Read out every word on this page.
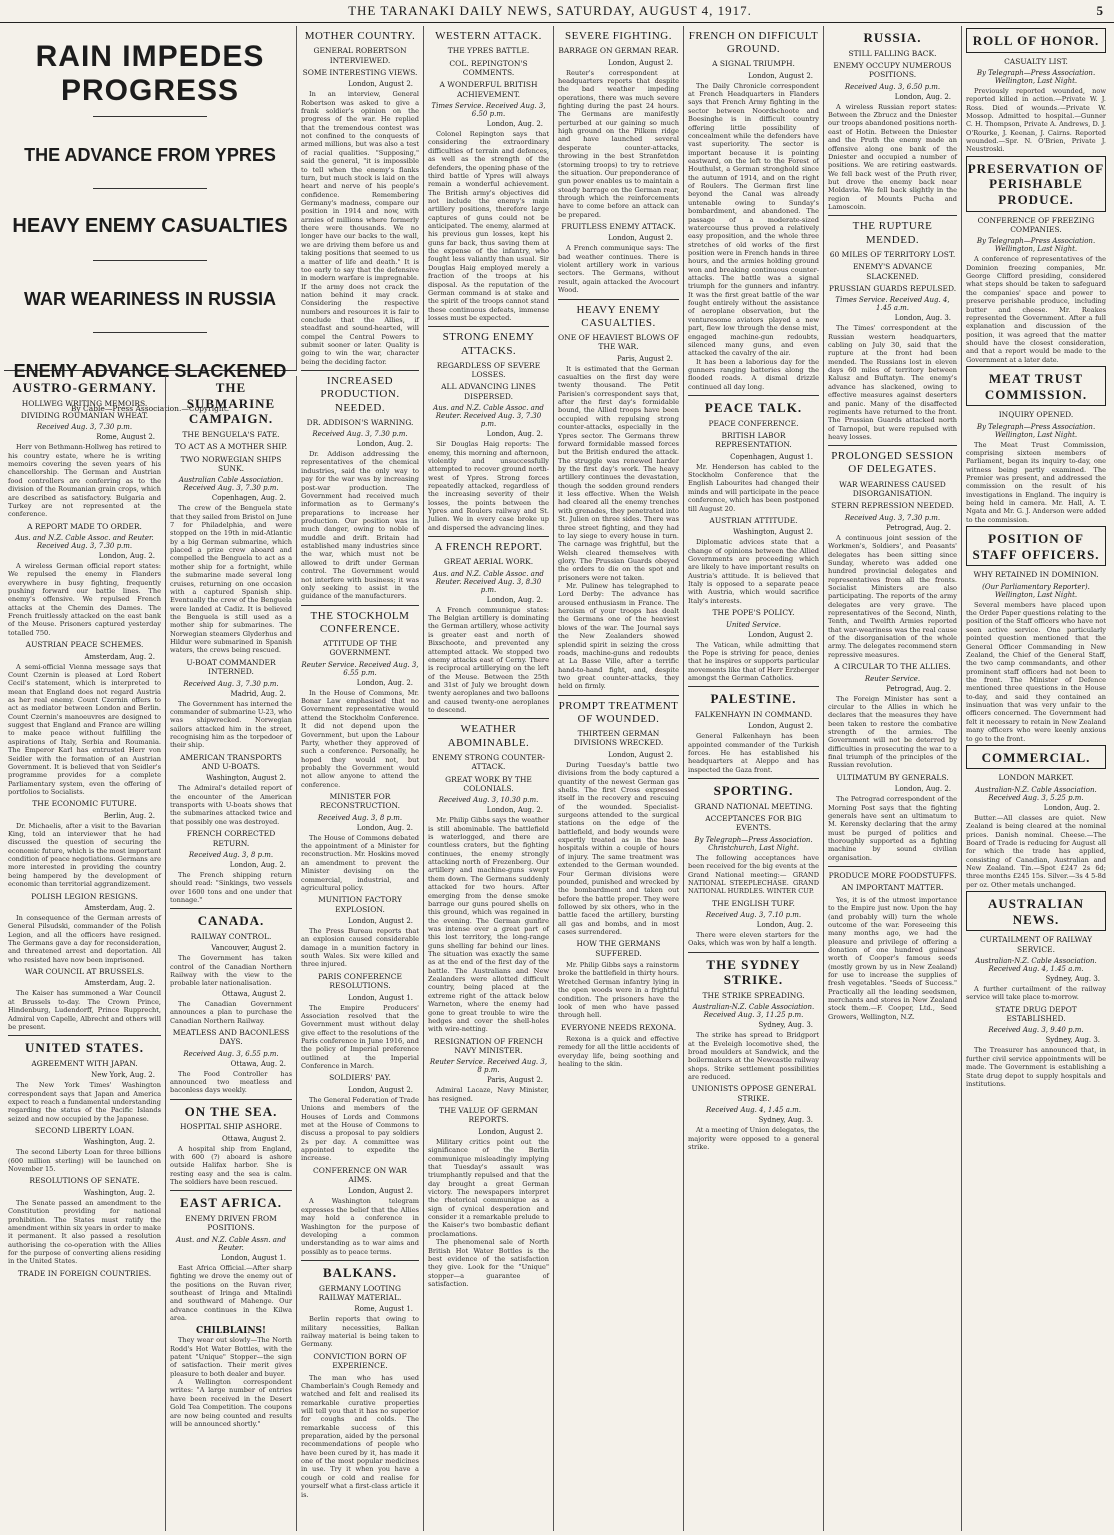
THE TARANAKI DAILY NEWS, SATURDAY, AUGUST 4, 1917.	5
RAIN IMPEDES PROGRESS
THE ADVANCE FROM YPRES
HEAVY ENEMY CASUALTIES
WAR WEARINESS IN RUSSIA
ENEMY ADVANCE SLACKENED
By Cable—Press Association.—Copyright.
AUSTRO-GERMANY.
HOLLWEG WRITING MEMOIRS.
DIVIDING ROUMANIAN WHEAT.
Received Aug. 3, 7.30 p.m.
Rome, August 2.

Herr von Bethmann-Hollweg has retired to his country estate, where he is writing memoirs covering the seven years of his chancellorship. The German and Austrian food controllers are conferring as to the division of the Roumanian grain crops, which are described as satisfactory. Bulgaria and Turkey are not represented at the conference.

A REPORT MADE TO ORDER.
Aus. and N.Z. Cable Assoc. and Reuter. Received Aug. 3, 7.30 p.m.
London, Aug. 2.

A wireless German official report states: We repulsed the enemy in Flanders everywhere in busy fighting, frequently pushing forward our battle lines. The enemy's offensive. We repulsed French attacks at the Chemin des Dames. The French fruitlessly attacked on the east bank of the Meuse. Prisoners captured yesterday totalled 750.

AUSTRIAN PEACE SCHEMES.
Amsterdam, Aug. 2.

A semi-official Vienna message says that Count Czernin is pleased at Lord Robert Cecil's statement, which is interpreted to mean that England does not regard Austria as her real enemy. Count Czernin offers to act as mediator between London and Berlin. Count Czernin's manoeuvres are designed to suggest that England and France are willing to make peace without fulfilling the aspirations of Italy, Serbia and Roumania. The Emperor Karl has entrusted Herr von Seidler with the formation of an Austrian Government. It is believed that von Seidler's programme provides for a complete Parliamentary system, even the offering of portfolios to Socialists.

THE ECONOMIC FUTURE.
Berlin, Aug. 2.

Dr. Michaelis, after a visit to the Bavarian King, told an interviewer that he had discussed the question of securing the economic future, which is the most important condition of peace negotiations. Germans are more interested in providing the country being hampered by the development of economic than territorial aggrandizement.

POLISH LEGION RESIGNS.
Amsterdam, Aug. 2.

In consequence of the German arrests of General Pilsudski, commander of the Polish Legion, and all the officers have resigned. The Germans gave a day for reconsideration, and threatened arrest and deportation. All who resisted have now been imprisoned.

WAR COUNCIL AT BRUSSELS.
Amsterdam, Aug. 2.

The Kaiser has summoned a War Council at Brussels to-day. The Crown Prince, Hindenburg, Ludendorff, Prince Rupprecht, Admiral von Capelle, Albrecht and others will be present.

UNITED STATES.
AGREEMENT WITH JAPAN.
New York, Aug. 2.

The New York Times' Washington correspondent says that Japan and America expect to reach a fundamental understanding regarding the status of the Pacific Islands seized and now occupied by the Japanese.

SECOND LIBERTY LOAN.
Washington, Aug. 2.

The second Liberty Loan for three billions (600 million sterling) will be launched on November 15.

RESOLUTIONS OF SENATE.
Washington, Aug. 2.

The Senate passed an amendment to the Constitution providing for national prohibition. The States must ratify the amendment within six years in order to make it permanent. It also passed a resolution authorising the co-operation with the Allies for the purpose of converting aliens residing in the United States.

TRADE IN FOREIGN COUNTRIES.
THE SUBMARINE CAMPAIGN.
THE BENGUELA'S FATE.
TO ACT AS A MOTHER SHIP.
TWO NORWEGIAN SHIPS SUNK.
Australian Cable Association. Received Aug. 3, 7.30 p.m.
Copenhagen, Aug. 2.

The crew of the Benguela state that they sailed from Bristol on June 7 for Philadelphia, and were stopped on the 19th in mid-Atlantic by a big German submarine, which placed a prize crew aboard and compelled the Benguela to act as a mother ship for a fortnight, while the submarine made several long cruises, returning on one occasion with a captured Spanish ship. Eventually the crew of the Benguela were landed at Cadiz. It is believed the Benguela is still used as a mother ship for submarines. The Norwegian steamers Glyderhus and Hildur were submarined in Spanish waters, the crews being rescued.

U-BOAT COMMANDER INTERNED.
Received Aug. 3, 7.30 p.m.
Madrid, Aug. 2.

The Government has interned the commander of submarine U-23, who was shipwrecked. Norwegian sailors attacked him in the street, recognising him as the torpedoer of their ship.

AMERICAN TRANSPORTS AND U-BOATS.
Washington, August 2.

The Admiral's detailed report of the encounter of the American transports with U-boats shows that the submarines attacked twice and that possibly one was destroyed.

FRENCH CORRECTED RETURN.
Received Aug. 3, 8 p.m.
London, Aug. 2.

The French shipping return should read: "Sinkings, two vessels over 1600 tons and one under that tonnage."

CANADA.
RAILWAY CONTROL.
Vancouver, August 2.

The Government has taken control of the Canadian Northern Railway with the view to the probable later nationalisation.

Ottawa, August 2.

The Canadian Government announces a plan to purchase the Canadian Northern Railway.

MEATLESS AND BACONLESS DAYS.
Received Aug. 3, 6.55 p.m.
Ottawa, Aug. 2.

The Food Controller has announced two meatless and baconless days weekly.

ON THE SEA.
HOSPITAL SHIP ASHORE.
Ottawa, August 2.

A hospital ship from England, with 600 (?) aboard is ashore outside Halifax harbor. She is resting easy and the sea is calm. The soldiers have been rescued.

EAST AFRICA.
ENEMY DRIVEN FROM POSITIONS.
Aust. and N.Z. Cable Assn. and Reuter.
London, August 1.

East Africa Official.—After sharp fighting we drove the enemy out of the positions on the Ruvan river, southeast of Iringa and Mtalindi and southward of Mahenge. Our advance continues in the Kilwa area.

CHILBLAINS!

They wear out slowly—The North Rodd's Hot Water Bottles, with the patent "Unique" Stopper—the sign of satisfaction. Their merit gives pleasure to both dealer and buyer.

A Wellington correspondent writes: "A large number of entries have been received in the Desert Gold Tea Competition. The coupons are now being counted and results will be announced shortly."

MOTHER COUNTRY.
GENERAL ROBERTSON INTERVIEWED.
SOME INTERESTING VIEWS.
London, August 2.

In an interview, General Robertson was asked to give a frank soldier's opinion on the progress of the war. He replied that the tremendous contest was not confined to the conquests of armed millions, but was also a test of racial qualities. "Supposing," said the general, "it is impossible to tell when the enemy's flanks turn, but much stock is laid on the heart and nerve of his people's confidence. Remembering Germany's madness, compare our position in 1914 and now, with armies of millions where formerly there were thousands. We no longer have our backs to the wall, we are driving them before us and taking positions that seemed to us a matter of life and death." It is too early to say that the defensive in modern warfare is impregnable. If the army does not crack the nation behind it may crack. Considering the respective numbers and resources it is fair to conclude that the Allies, if steadfast and sound-hearted, will compel the Central Powers to submit sooner or later. Quality is going to win the war, character being the deciding factor.

INCREASED PRODUCTION. NEEDED.
DR. ADDISON'S WARNING.
Received Aug. 3, 7.30 p.m.
London, Aug. 2.

Dr. Addison addressing the representatives of the chemical industries, said the only way to pay for the war was by increasing post-war production. The Government had received much information as to Germany's preparations to increase her production. Our position was in much danger, owing to noble of muddle and drift. Britain had established many industries since the war, which must not be allowed to drift under German control. The Government would not interfere with business; it was only seeking to assist in the guidance of the manufacturers.

THE STOCKHOLM CONFERENCE.
ATTITUDE OF THE GOVERNMENT.
Reuter Service. Received Aug. 3, 6.55 p.m.
London, Aug. 2.

In the House of Commons, Mr. Bonar Law emphasised that no Government representative would attend the Stockholm Conference. It did not depend upon the Government, but upon the Labour Party, whether they approved of such a conference. Personally, he hoped they would not, but probably the Government would not allow anyone to attend the conference.

MINISTER FOR RECONSTRUCTION.
Received Aug. 3, 8 p.m.
London, Aug. 2.

The House of Commons debated the appointment of a Minister for reconstruction. Mr. Hoskins moved an amendment to prevent the Minister devising on the commercial, industrial, and agricultural policy.

MUNITION FACTORY EXPLOSION.
London, August 2.

The Press Bureau reports that an explosion caused considerable damage in a munition factory in south Wales. Six were killed and three injured.

PARIS CONFERENCE RESOLUTIONS.
London, August 1.

The Empire Producers' Association resolved that the Government must without delay give effect to the resolutions of the Paris conference in June 1916, and the policy of Imperial preference outlined at the Imperial Conference in March.

SOLDIERS' PAY.
London, August 2.

The General Federation of Trade Unions and members of the Houses of Lords and Commons met at the House of Commons to discuss a proposal to pay soldiers 2s per day. A committee was appointed to expedite the increase.

CONFERENCE ON WAR AIMS.
London, August 2.

A Washington telegram expresses the belief that the Allies may hold a conference in Washington for the purpose of developing a common understanding as to war aims and possibly as to peace terms.

BALKANS.
GERMANY LOOTING RAILWAY MATERIAL.
Rome, August 1.

Berlin reports that owing to military necessities, Balkan railway material is being taken to Germany.

CONVICTION BORN OF EXPERIENCE.

The man who has used Chamberlain's Cough Remedy and watched and felt and realised its remarkable curative properties will tell you that it has no superior for coughs and colds. The remarkable success of this preparation, aided by the personal recommendations of people who have been cured by it, has made it one of the most popular medicines in use. Try it when you have a cough or cold and realise for yourself what a first-class article it is.

WESTERN ATTACK.
THE YPRES BATTLE.
COL. REPINGTON'S COMMENTS.
A WONDERFUL BRITISH ACHIEVEMENT.
Times Service. Received Aug. 3, 6.50 p.m.
London, Aug. 2.

Colonel Repington says that considering the extraordinary difficulties of terrain and defences, as well as the strength of the defenders, the opening phase of the third battle of Ypres will always remain a wonderful achievement. The British army's objectives did not include the enemy's main artillery positions, therefore large captures of guns could not be anticipated. The enemy, alarmed at his previous gun losses, kept his guns far back, thus saving them at the expense of the infantry, who fought less valiantly than usual. Sir Douglas Haig employed merely a fraction of the troops at his disposal. As the reputation of the German command is at stake and the spirit of the troops cannot stand these continuous defeats, immense losses must be expected.

STRONG ENEMY ATTACKS.
REGARDLESS OF SEVERE LOSSES.
ALL ADVANCING LINES DISPERSED.
Aus. and N.Z. Cable Assoc. and Reuter. Received Aug. 3, 7.30 p.m.
London, Aug. 2.

Sir Douglas Haig reports: The enemy, this morning and afternoon, violently and unsuccessfully attempted to recover ground north-west of Ypres. Strong forces repeatedly attacked, regardless of the increasing severity of their losses, the points between the Ypres and Roulers railway and St. Julien. We in every case broke up and dispersed the advancing lines.

A FRENCH REPORT.
GREAT AERIAL WORK.
Aus. and N.Z. Cable Assoc. and Reuter. Received Aug. 3, 8.30 p.m.
London, Aug. 2.

A French communique states: The Belgian artillery is dominating the German artillery, whose activity is greater east and north of Bixschoote, and prevented any attempted attack. We stopped two enemy attacks east of Cerny. There is reciprocal artillerying on the left of the Meuse. Between the 25th and 31st of July we brought down twenty aeroplanes and two balloons and caused twenty-one aeroplanes to descend.

WEATHER ABOMINABLE.
ENEMY STRONG COUNTER-ATTACK.
GREAT WORK BY THE COLONIALS.
Received Aug. 3, 10.30 p.m.
London, Aug. 2.

Mr. Philip Gibbs says the weather is still abominable. The battlefield is waterlogged, and there are countless craters, but the fighting continues, the enemy strongly attacking north of Frezenberg. Our artillery and machine-guns swept them down. The Germans suddenly attacked for two hours. After emerging from the dense smoke barrage our guns poured shells on this ground, which was regained in the evening. The German gunfire was intense over a great part of this lost territory, the long-range guns shelling far behind our lines. The situation was exactly the same as at the end of the first day of the battle. The Australians and New Zealanders were allotted difficult country, being placed at the extreme right of the attack below Warneton, where the enemy had gone to great trouble to wire the hedges and cover the shell-holes with wire-netting.

RESIGNATION OF FRENCH NAVY MINISTER.
Reuter Service. Received Aug. 3, 8 p.m.
Paris, August 2.

Admiral Lacaze, Navy Minister, has resigned.

THE VALUE OF GERMAN REPORTS.
London, August 2.

Military critics point out the significance of the Berlin communique misleadingly implying that Tuesday's assault was triumphantly repulsed and that the day brought a great German victory. The newspapers interpret the rhetorical communique as a sign of cynical desperation and consider it a remarkable prelude to the Kaiser's two bombastic defiant proclamations.

The phenomenal sale of North British Hot Water Bottles is the best evidence of the satisfaction they give. Look for the "Unique" stopper—a guarantee of satisfaction.

SEVERE FIGHTING.
BARRAGE ON GERMAN REAR.
London, August 2.

Reuter's correspondent at headquarters reports that despite the bad weather impeding operations, there was much severe fighting during the past 24 hours. The Germans are manifestly perturbed at our gaining so much high ground on the Pilkem ridge and have launched several desperate counter-attacks, throwing in the best Stranfetdon (storming troops) to try to retrieve the situation. Our preponderance of gun power enables us to maintain a steady barrage on the German rear, through which the reinforcements have to come before an attack can be prepared.

FRUITLESS ENEMY ATTACK.
London, August 2.

A French communique says: The bad weather continues. There is violent artillery work in various sectors. The Germans, without result, again attacked the Avocourt Wood.

HEAVY ENEMY CASUALTIES.
ONE OF HEAVIEST BLOWS OF THE WAR.
Paris, August 2.

It is estimated that the German casualties on the first day were twenty thousand. The Petit Parisien's correspondent says that, after the first day's formidable bound, the Allied troops have been occupied with repulsing strong counter-attacks, especially in the Ypres sector. The Germans threw forward formidable massed forces but the British endured the attack. The struggle was renewed harder by the first day's work. The heavy artillery continues the devastation, though the sodden ground renders it less effective. When the Welsh had cleared all the enemy trenches with grenades, they penetrated into St. Julien on three sides. There was three street fighting, and they had to lay siege to every house in turn. The carnage was frightful, but the Welsh cleared themselves with glory. The Prussian Guards obeyed the orders to die on the spot and prisoners were not taken.

Mr. Pulinew has telegraphed to Lord Derby: The advance has aroused enthusiasm in France. The heroism of your troops has dealt the Germans one of the heaviest blows of the war. The Journal says the New Zealanders showed splendid spirit in seizing the cross roads, machine-guns and redoubts at La Basse Ville, after a terrific hand-to-hand fight, and, despite two great counter-attacks, they held on firmly.

PROMPT TREATMENT OF WOUNDED.
THIRTEEN GERMAN DIVISIONS WRECKED.
London, August 2.

During Tuesday's battle two divisions from the body captured a quantity of the newest German gas shells. The first Cross expressed itself in the recovery and rescuing of the wounded. Specialist-surgeons attended to the surgical stations on the edge of the battlefield, and body wounds were expertly treated as in the base hospitals within a couple of hours of injury. The same treatment was extended to the German wounded. Four German divisions were pounded, punished and wrecked by the bombardment and taken out before the battle proper. They were followed by six others, who in the battle faced the artillery, bursting all gas and bombs, and in most cases surrendered.

HOW THE GERMANS SUFFERED.

Mr. Philip Gibbs says a rainstorm broke the battlefield in thirty hours. Wretched German infantry lying in the open woods were in a frightful condition. The prisoners have the look of men who have passed through hell.

EVERYONE NEEDS REXONA.

Rexona is a quick and effective remedy for all the little accidents of everyday life, being soothing and healing to the skin.

FRENCH ON DIFFICULT GROUND.
A SIGNAL TRIUMPH.
London, August 2.

The Daily Chronicle correspondent at French Headquarters in Flanders says that French Army fighting in the sector between Noordschoote and Boesinghe is in difficult country offering little possibility of concealment while the defenders have vast superiority. The sector is important because it is pointing eastward, on the left to the Forest of Houthulst, a German stronghold since the autumn of 1914, and on the right of Roulers. The German first line beyond the Canal was already untenable owing to Sunday's bombardment, and abandoned. The passage of a moderate-sized watercourse thus proved a relatively easy proposition, and the whole three stretches of old works of the first position were in French hands in three hours, and the armies holding ground won and breaking continuous counter-attacks. The battle was a signal triumph for the gunners and infantry. It was the first great battle of the war fought entirely without the assistance of aeroplane observation, but the venturesome aviators played a new part, flew low through the dense mist, engaged machine-gun redoubts, silenced many guns, and even attacked the cavalry of the air.

It has been a laborious day for the gunners ranging batteries along the flooded roads. A dismal drizzle continued all day long.

PEACE TALK.
PEACE CONFERENCE.
BRITISH LABOR REPRESENTATION.
Copenhagen, August 1.

Mr. Henderson has cabled to the Stockholm Conference that the English Labourites had changed their minds and will participate in the peace conference, which has been postponed till August 20.

AUSTRIAN ATTITUDE.
Washington, August 2.

Diplomatic advices state that a change of opinions between the Allied Governments are proceeding which are likely to have important results on Austria's attitude. It is believed that Italy is opposed to a separate peace with Austria, which would sacrifice Italy's interests.

THE POPE'S POLICY.
United Service.
London, August 2.

The Vatican, while admitting that the Pope is striving for peace, denies that he inspires or supports particular movements like that of Herr Erzberger amongst the German Catholics.

PALESTINE.
FALKENHAYN IN COMMAND.
London, August 2.

General Falkenhayn has been appointed commander of the Turkish forces. He has established his headquarters at Aleppo and has inspected the Gaza front.

SPORTING.
GRAND NATIONAL MEETING.
ACCEPTANCES FOR BIG EVENTS.
By Telegraph—Press Association. Christchurch, Last Night.

The following acceptances have been received for the big events at the Grand National meeting:— GRAND NATIONAL STEEPLECHASE. GRAND NATIONAL HURDLES. WINTER CUP.

THE ENGLISH TURF.
Received Aug. 3, 7.10 p.m.
London, Aug. 2.

There were eleven starters for the Oaks, which was won by half a length.

THE SYDNEY STRIKE.
THE STRIKE SPREADING.
Australian-N.Z. Cable Association. Received Aug. 3, 11.25 p.m.
Sydney, Aug. 3.

The strike has spread to Bridgport at the Eveleigh locomotive shed, the broad moulders at Sandwick, and the boilermakers at the Newcastle railway shops. Strike settlement possibilities are reduced.

UNIONISTS OPPOSE GENERAL STRIKE.
Received Aug. 4, 1.45 a.m.
Sydney, Aug. 3.

At a meeting of Union delegates, the majority were opposed to a general strike.

RUSSIA.
STILL FALLING BACK.
ENEMY OCCUPY NUMEROUS POSITIONS.
Received Aug. 3, 6.50 p.m.
London, Aug. 2.

A wireless Russian report states: Between the Zbrucz and the Dniester our troops abandoned positions north-east of Hotin. Between the Dniester and the Pruth the enemy made an offensive along one bank of the Dniester and occupied a number of positions. We are retiring eastwards. We fell back west of the Pruth river, but drove the enemy back near Moldavia. We fell back slightly in the region of Mounts Pucha and Lamoscoin.

THE RUPTURE MENDED.
60 MILES OF TERRITORY LOST.
ENEMY'S ADVANCE SLACKENED.
PRUSSIAN GUARDS REPULSED.
Times Service. Received Aug. 4, 1.45 a.m.
London, Aug. 3.

The Times' correspondent at the Russian western headquarters, cabling on July 30, said that the rupture at the front had been mended. The Russians lost in eleven days 60 miles of territory between Kalusz and Buftatyn. The enemy's advance has slackened, owing to effective measures against deserters and panic. Many of the disaffected regiments have returned to the front. The Prussian Guards attacked north of Tarnopol, but were repulsed with heavy losses.

PROLONGED SESSION OF DELEGATES.
WAR WEARINESS CAUSED DISORGANISATION.
STERN REPRESSION NEEDED.
Received Aug. 3, 7.30 p.m.
Petrograd, Aug. 2.

A continuous joint session of the Workmen's, Soldiers', and Peasants' delegates has been sitting since Sunday, whereto was added one hundred provincial delegates and representatives from all the fronts. Socialist Ministers are also participating. The reports of the army delegates are very grave. The representatives of the Second, Ninth, Tenth, and Twelfth Armies reported that war-weariness was the real cause of the disorganisation of the whole army. The delegates recommend stern repressive measures.

A CIRCULAR TO THE ALLIES.
Reuter Service.
Petrograd, Aug. 2.

The Foreign Minister has sent a circular to the Allies in which he declares that the measures they have been taken to restore the combative strength of the armies. The Government will not be deterred by difficulties in prosecuting the war to a final triumph of the principles of the Russian revolution.

ULTIMATUM BY GENERALS.
London, Aug. 2.

The Petrograd correspondent of the Morning Post says that the fighting generals have sent an ultimatum to M. Kerensky declaring that the army must be purged of politics and thoroughly supported as a fighting machine by sound civilian organisation.

PRODUCE MORE FOODSTUFFS.
AN IMPORTANT MATTER.

Yes, it is of the utmost importance to the Empire just now. Upon the hay (and probably will) turn the whole outcome of the war. Foreseeing this many months ago, we had the pleasure and privilege of offering a donation of one hundred guineas' worth of Cooper's famous seeds (mostly grown by us in New Zealand) for use to increase the supplies of fresh vegetables. "Seeds of Success." Practically all the leading seedsmen, merchants and stores in New Zealand stock them.—F. Cooper, Ltd., Seed Growers, Wellington, N.Z.

ROLL OF HONOR.
CASUALTY LIST.
By Telegraph—Press Association. Wellington, Last Night.

Previously reported wounded, now reported killed in action.—Private W. J. Ross. Died of wounds.—Private W. Mossop. Admitted to hospital.—Gunner C. H. Thompson, Private A. Andrews, D. J. O'Rourke, J. Keenan, J. Cairns. Reported wounded.—Spr. N. O'Brien, Private J. Neustroski.

PRESERVATION OF PERISHABLE PRODUCE.
CONFERENCE OF FREEZING COMPANIES.
By Telegraph—Press Association. Wellington, Last Night.

A conference of representatives of the Dominion freezing companies, Mr. George Clifford presiding, considered what steps should be taken to safeguard the companies' space and power to preserve perishable produce, including butter and cheese. Mr. Reakes represented the Government. After a full explanation and discussion of the position, it was agreed that the matter should have the closest consideration, and that a report would be made to the Government at a later date.

MEAT TRUST COMMISSION.
INQUIRY OPENED.
By Telegraph—Press Association. Wellington, Last Night.

The Meat Trust Commission, comprising sixteen members of Parliament, began its inquiry to-day, one witness being partly examined. The Premier was present, and addressed the commission on the result of his investigations in England. The inquiry is being held in camera. Mr. Hall, A. T. Ngata and Mr. G. J. Anderson were added to the commission.

POSITION OF STAFF OFFICERS.
WHY RETAINED IN DOMINION.
(Our Parliamentary Reporter). Wellington, Last Night.

Several members have placed upon the Order Paper questions relating to the position of the Staff officers who have not seen active service. One particularly pointed question mentioned that the General Officer Commanding in New Zealand, the Chief of the General Staff, the two camp commandants, and other prominent staff officers had not been to the front. The Minister of Defence mentioned three questions in the House to-day, and said they contained an insinuation that was very unfair to the officers concerned. The Government had felt it necessary to retain in New Zealand many officers who were keenly anxious to go to the front.

COMMERCIAL.
LONDON MARKET.
Australian-N.Z. Cable Association. Received Aug. 3, 5.25 p.m.
London, Aug. 2.

Butter.—All classes are quiet. New Zealand is being cleared at the nominal prices. Danish nominal. Cheese.—The Board of Trade is reducing for August all for which the trade has applied, consisting of Canadian, Australian and New Zealand. Tin.—Spot £247 2s 6d; three months £245 15s. Silver.—3s 4 5-8d per oz. Other metals unchanged.

AUSTRALIAN NEWS.
CURTAILMENT OF RAILWAY SERVICE.
Australian-N.Z. Cable Association. Received Aug. 4, 1.45 a.m.
Sydney, Aug. 3.

A further curtailment of the railway service will take place to-morrow.

STATE DRUG DEPOT ESTABLISHED.
Received Aug. 3, 9.40 p.m.
Sydney, Aug. 3.

The Treasurer has announced that, in further civil service appointments will be made. The Government is establishing a State drug depot to supply hospitals and institutions.
